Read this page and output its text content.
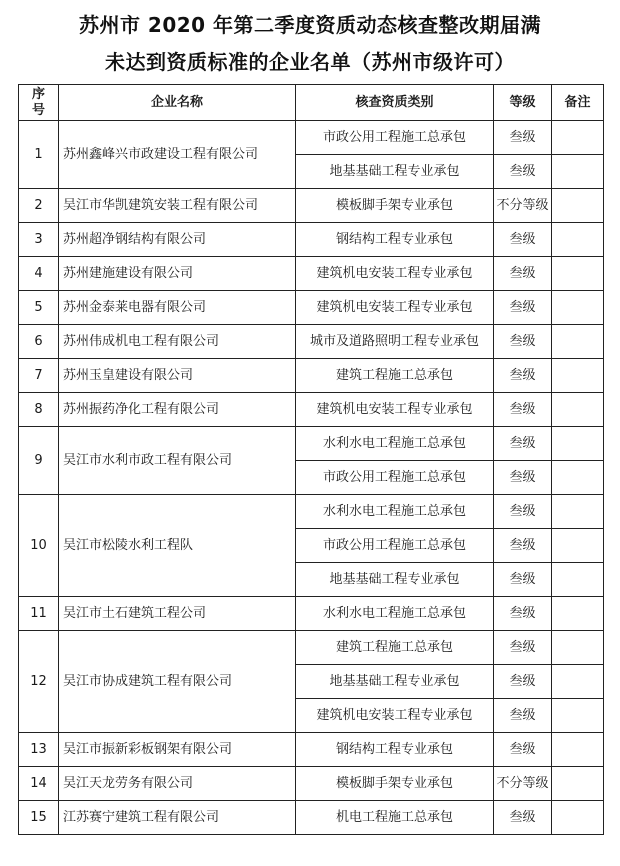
苏州市 2020 年第二季度资质动态核查整改期届满
未达到资质标准的企业名单（苏州市级许可）
序号	企业名称	核查资质类别	等级	备注
1	苏州鑫峰兴市政建设工程有限公司	市政公用工程施工总承包	叁级	
		地基基础工程专业承包	叁级	
2	吴江市华凯建筑安装工程有限公司	模板脚手架专业承包	不分等级	
3	苏州超净钢结构有限公司	钢结构工程专业承包	叁级	
4	苏州建施建设有限公司	建筑机电安装工程专业承包	叁级	
5	苏州金泰莱电器有限公司	建筑机电安装工程专业承包	叁级	
6	苏州伟成机电工程有限公司	城市及道路照明工程专业承包	叁级	
7	苏州玉皇建设有限公司	建筑工程施工总承包	叁级	
8	苏州振药净化工程有限公司	建筑机电安装工程专业承包	叁级	
9	吴江市水利市政工程有限公司	水利水电工程施工总承包	叁级	
		市政公用工程施工总承包	叁级	
10	吴江市松陵水利工程队	水利水电工程施工总承包	叁级	
		市政公用工程施工总承包	叁级	
		地基基础工程专业承包	叁级	
11	吴江市土石建筑工程公司	水利水电工程施工总承包	叁级	
12	吴江市协成建筑工程有限公司	建筑工程施工总承包	叁级	
		地基基础工程专业承包	叁级	
		建筑机电安装工程专业承包	叁级	
13	吴江市振新彩板钢架有限公司	钢结构工程专业承包	叁级	
14	吴江天龙劳务有限公司	模板脚手架专业承包	不分等级	
15	江苏赛宁建筑工程有限公司	机电工程施工总承包	叁级	
